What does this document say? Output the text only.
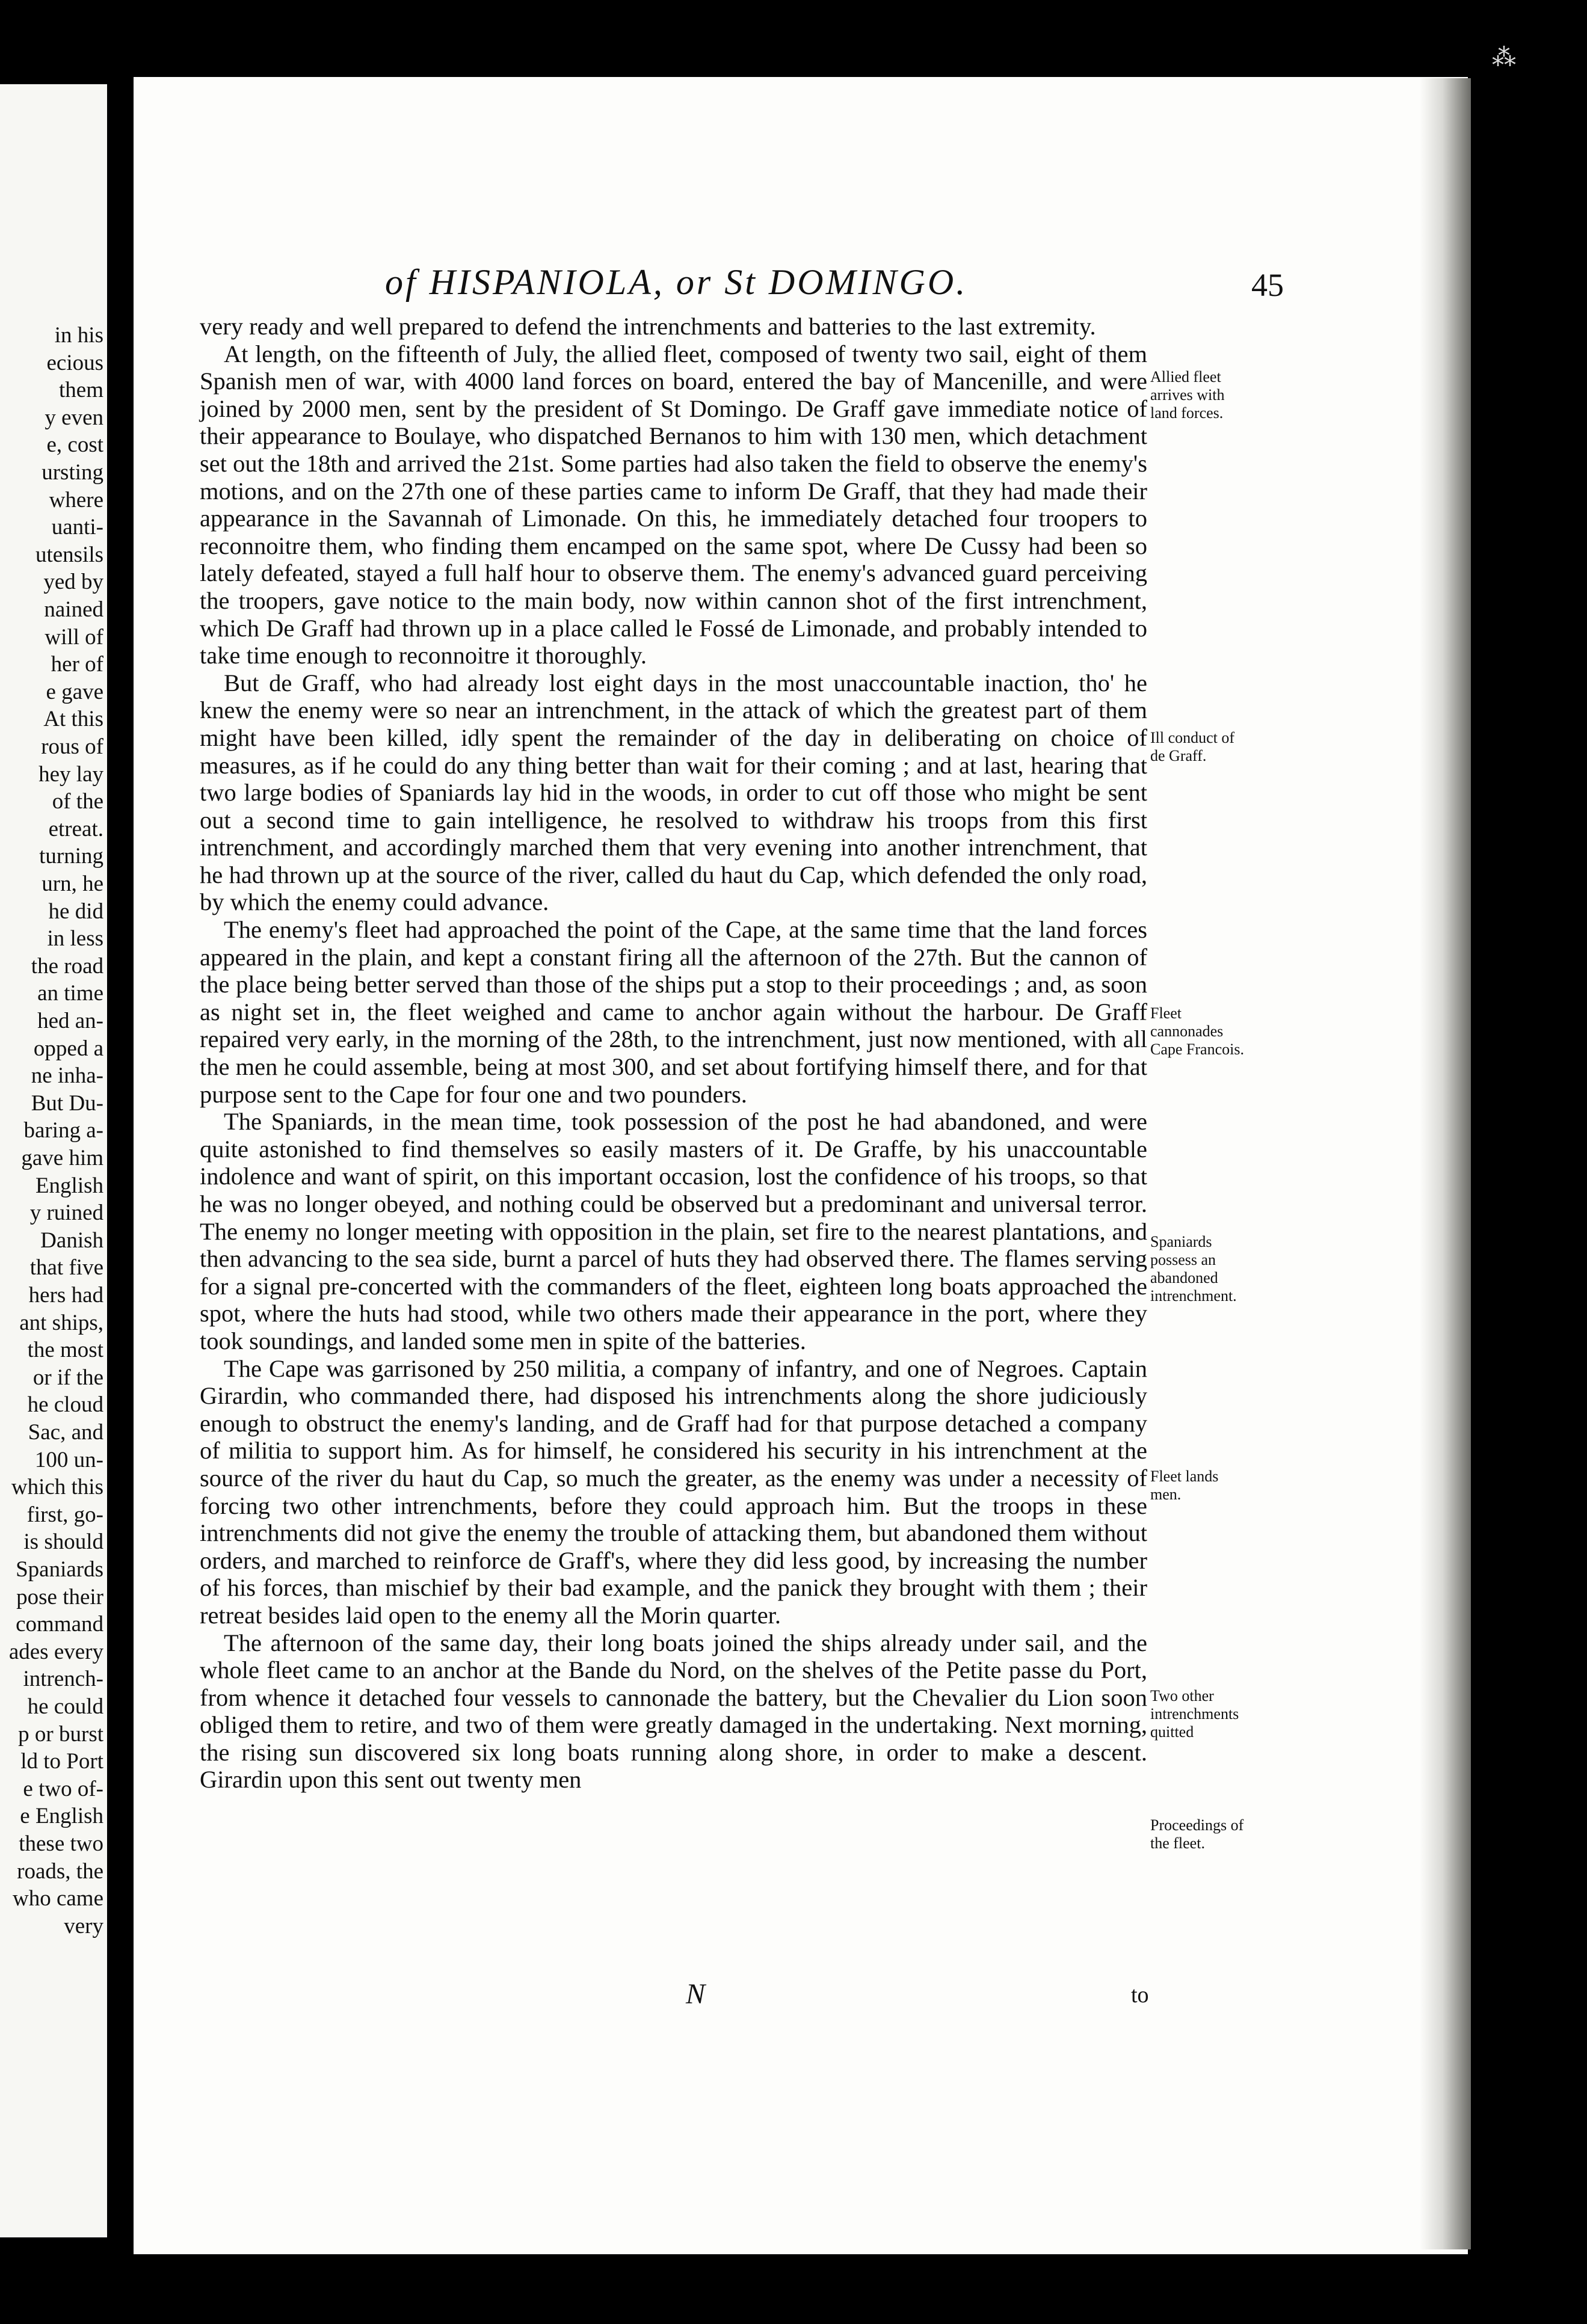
⁂
of HISPANIOLA, or St DOMINGO.	45

very ready and well prepared to defend the intrenchments and batteries to the last extremity.

At length, on the fifteenth of July, the allied fleet, composed of twenty two sail, eight of them Spanish men of war, with 4000 land forces on board, entered the bay of Mancenille, and were joined by 2000 men, sent by the president of St Domingo. De Graff gave immediate notice of their appearance to Boulaye, who dispatched Bernanos to him with 130 men, which detachment set out the 18th and arrived the 21st. Some parties had also taken the field to observe the enemy's motions, and on the 27th one of these parties came to inform De Graff, that they had made their appearance in the Savannah of Limonade. On this, he immediately detached four troopers to reconnoitre them, who finding them encamped on the same spot, where De Cussy had been so lately defeated, stayed a full half hour to observe them. The enemy's advanced guard perceiving the troopers, gave notice to the main body, now within cannon shot of the first intrenchment, which De Graff had thrown up in a place called le Fossé de Limonade, and probably intended to take time enough to reconnoitre it thoroughly.

But de Graff, who had already lost eight days in the most unaccountable inaction, tho' he knew the enemy were so near an intrenchment, in the attack of which the greatest part of them might have been killed, idly spent the remainder of the day in deliberating on choice of measures, as if he could do any thing better than wait for their coming ; and at last, hearing that two large bodies of Spaniards lay hid in the woods, in order to cut off those who might be sent out a second time to gain intelligence, he resolved to withdraw his troops from this first intrenchment, and accordingly marched them that very evening into another intrenchment, that he had thrown up at the source of the river, called du haut du Cap, which defended the only road, by which the enemy could advance.

The enemy's fleet had approached the point of the Cape, at the same time that the land forces appeared in the plain, and kept a constant firing all the afternoon of the 27th. But the cannon of the place being better served than those of the ships put a stop to their proceedings ; and, as soon as night set in, the fleet weighed and came to anchor again without the harbour. De Graff repaired very early, in the morning of the 28th, to the intrenchment, just now mentioned, with all the men he could assemble, being at most 300, and set about fortifying himself there, and for that purpose sent to the Cape for four one and two pounders.

The Spaniards, in the mean time, took possession of the post he had abandoned, and were quite astonished to find themselves so easily masters of it. De Graffe, by his unaccountable indolence and want of spirit, on this important occasion, lost the confidence of his troops, so that he was no longer obeyed, and nothing could be observed but a predominant and universal terror. The enemy no longer meeting with opposition in the plain, set fire to the nearest plantations, and then advancing to the sea side, burnt a parcel of huts they had observed there. The flames serving for a signal pre-concerted with the commanders of the fleet, eighteen long boats approached the spot, where the huts had stood, while two others made their appearance in the port, where they took soundings, and landed some men in spite of the batteries.

The Cape was garrisoned by 250 militia, a company of infantry, and one of Negroes. Captain Girardin, who commanded there, had disposed his intrenchments along the shore judiciously enough to obstruct the enemy's landing, and de Graff had for that purpose detached a company of militia to support him. As for himself, he considered his security in his intrenchment at the source of the river du haut du Cap, so much the greater, as the enemy was under a necessity of forcing two other intrenchments, before they could approach him. But the troops in these intrenchments did not give the enemy the trouble of attacking them, but abandoned them without orders, and marched to reinforce de Graff's, where they did less good, by increasing the number of his forces, than mischief by their bad example, and the panick they brought with them ; their retreat besides laid open to the enemy all the Morin quarter.

The afternoon of the same day, their long boats joined the ships already under sail, and the whole fleet came to an anchor at the Bande du Nord, on the shelves of the Petite passe du Port, from whence it detached four vessels to cannonade the battery, but the Chevalier du Lion soon obliged them to retire, and two of them were greatly damaged in the undertaking. Next morning, the rising sun discovered six long boats running along shore, in order to make a descent. Girardin upon this sent out twenty men

Allied fleet arrives with land forces.
Ill conduct of de Graff.
Fleet cannonades Cape Francois.
Spaniards possess an abandoned intrenchment.
Fleet lands men.
Two other intrenchments quitted
Proceedings of the fleet.
N	to
in his
ecious
them
y even
e, cost
ursting
where
uanti-
utensils
yed by
nained
will of
her of
e gave
At this
rous of
hey lay
of the
etreat.
turning
urn, he
he did
in less
the road
an time
hed an-
opped a
ne inha-
But Du-
baring a-
gave him
English
y ruined
Danish
that five
hers had
ant ships,
the most
or if the
he cloud
Sac, and
100 un-
which this
first, go-
is should
Spaniards
pose their
command
ades every
intrench-
he could
p or burst
ld to Port
e two of-
e English
these two
roads, the
who came
very
